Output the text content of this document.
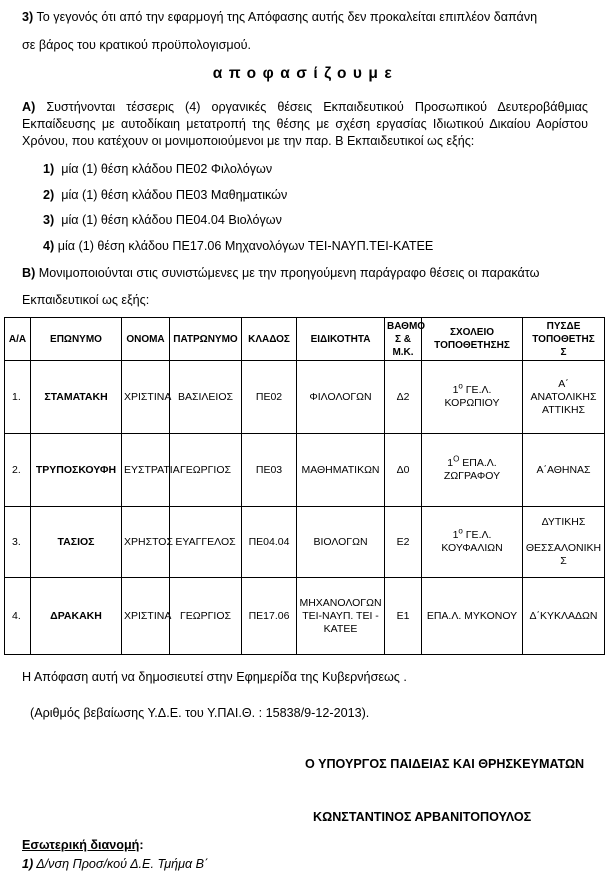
3) Το γεγονός ότι από την εφαρμογή της Απόφασης αυτής δεν προκαλείται επιπλέον δαπάνη
σε βάρος του κρατικού προϋπολογισμού.
αποφασίζουμε
Α) Συστήνονται τέσσερις (4) οργανικές θέσεις Εκπαιδευτικού Προσωπικού Δευτεροβάθμιας Εκπαίδευσης με αυτοδίκαιη μετατροπή της θέσης με σχέση εργασίας Ιδιωτικού Δικαίου Αορίστου Χρόνου, που κατέχουν οι μονιμοποιούμενοι με την παρ. Β Εκπαιδευτικοί ως εξής:
1) μία (1) θέση κλάδου ΠΕ02 Φιλολόγων
2) μία (1) θέση κλάδου ΠΕ03 Μαθηματικών
3) μία (1) θέση κλάδου ΠΕ04.04 Βιολόγων
4) μία (1) θέση κλάδου ΠΕ17.06 Μηχανολόγων ΤΕΙ-ΝΑΥΠ.ΤΕΙ-ΚΑΤΕΕ
Β) Μονιμοποιούνται στις συνιστώμενες με την προηγούμενη παράγραφο θέσεις οι παρακάτω
Εκπαιδευτικοί ως εξής:
Α/Α	ΕΠΩΝΥΜΟ	ΟΝΟΜΑ	ΠΑΤΡΩΝΥΜΟ	ΚΛΑΔΟΣ	ΕΙΔΙΚΟΤΗΤΑ	ΒΑΘΜΟ
Σ &
Μ.Κ.	ΣΧΟΛΕΙΟ
ΤΟΠΟΘΕΤΗΣΗΣ	ΠΥΣΔΕ
ΤΟΠΟΘΕΤΗΣ
Σ
1.	ΣΤΑΜΑΤΑΚΗ	ΧΡΙΣΤΙΝΑ	ΒΑΣΙΛΕΙΟΣ	ΠΕ02	ΦΙΛΟΛΟΓΩΝ	Δ2	$1^o$ ΓΕ.Λ. ΚΟΡΩΠΙΟΥ	Α΄
ΑΝΑΤΟΛΙΚΗΣ
ΑΤΤΙΚΗΣ
2.	ΤΡΥΠΟΣΚΟΥΦΗ	ΕΥΣΤΡΑΤΙΑ	ΓΕΩΡΓΙΟΣ	ΠΕ03	ΜΑΘΗΜΑΤΙΚΩΝ	Δ0	$1^O$ ΕΠΑ.Λ.
ΖΩΓΡΑΦΟΥ	Α΄ΑΘΗΝΑΣ
3.	ΤΑΣΙΟΣ	ΧΡΗΣΤΟΣ	ΕΥΑΓΓΕΛΟΣ	ΠΕ04.04	ΒΙΟΛΟΓΩΝ	Ε2	$1^o$ ΓΕ.Λ. ΚΟΥΦΑΛΙΩΝ	ΔΥΤΙΚΗΣ

ΘΕΣΣΑΛΟΝΙΚΗ
Σ
4.	ΔΡΑΚΑΚΗ	ΧΡΙΣΤΙΝΑ	ΓΕΩΡΓΙΟΣ	ΠΕ17.06	ΜΗΧΑΝΟΛΟΓΩΝ
ΤΕΙ-ΝΑΥΠ. ΤΕΙ -
ΚΑΤΕΕ	Ε1	ΕΠΑ.Λ. ΜΥΚΟΝΟΥ	Δ΄ΚΥΚΛΑΔΩΝ
Η Απόφαση αυτή να δημοσιευτεί στην Εφημερίδα της Κυβερνήσεως .
(Αριθμός βεβαίωσης Υ.Δ.Ε. του Υ.ΠΑΙ.Θ. : 15838/9-12-2013).
Ο ΥΠΟΥΡΓΟΣ ΠΑΙΔΕΙΑΣ ΚΑΙ ΘΡΗΣΚΕΥΜΑΤΩΝ
ΚΩΝΣΤΑΝΤΙΝΟΣ ΑΡΒΑΝΙΤΟΠΟΥΛΟΣ
Εσωτερική διανομή:
1) Δ/νση Προσ/κού Δ.Ε. Τμήμα Β΄
